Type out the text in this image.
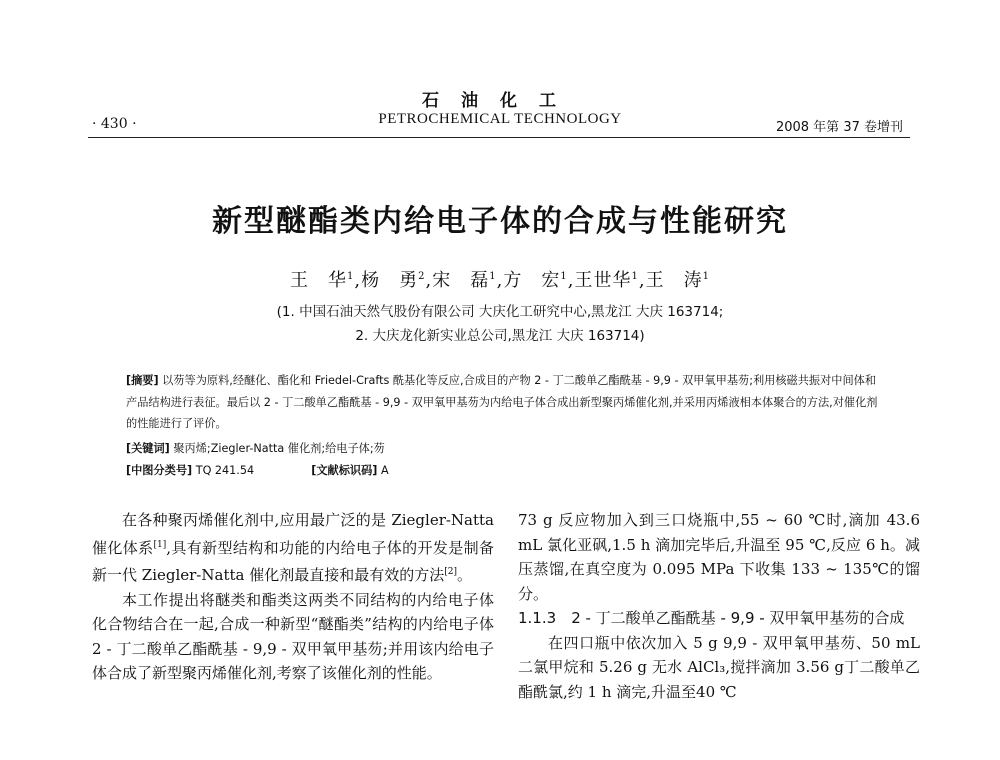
石油化工
· 430 ·	PETROCHEMICAL TECHNOLOGY
2008 年第 37 卷增刊
新型醚酯类内给电子体的合成与性能研究
王　华$^1$,杨　勇$^2$,宋　磊$^1$,方　宏$^1$,王世华$^1$,王　涛$^1$
(1. 中国石油天然气股份有限公司 大庆化工研究中心,黑龙江 大庆 163714;
2. 大庆龙化新实业总公司,黑龙江 大庆 163714)
[摘要] 以芴等为原料,经醚化、酯化和 Friedel-Crafts 酰基化等反应,合成目的产物 2 - 丁二酸单乙酯酰基 - 9,9 - 双甲氧甲基芴;利用核磁共振对中间体和产品结构进行表征。最后以 2 - 丁二酸单乙酯酰基 - 9,9 - 双甲氧甲基芴为内给电子体合成出新型聚丙烯催化剂,并采用丙烯液相本体聚合的方法,对催化剂的性能进行了评价。
[关键词] 聚丙烯;Ziegler-Natta 催化剂;给电子体;芴
[中图分类号] TQ 241.54	[文献标识码] A

在各种聚丙烯催化剂中,应用最广泛的是 Ziegler-Natta 催化体系[1],具有新型结构和功能的内给电子体的开发是制备新一代 Ziegler-Natta 催化剂最直接和最有效的方法[2]。

本工作提出将醚类和酯类这两类不同结构的内给电子体化合物结合在一起,合成一种新型“醚酯类”结构的内给电子体 2 - 丁二酸单乙酯酰基 - 9,9 - 双甲氧甲基芴;并用该内给电子体合成了新型聚丙烯催化剂,考察了该催化剂的性能。

73 g 反应物加入到三口烧瓶中,55 ~ 60 ℃时,滴加 43.6 mL 氯化亚砜,1.5 h 滴加完毕后,升温至 95 ℃,反应 6 h。减压蒸馏,在真空度为 0.095 MPa 下收集 133 ~ 135℃的馏分。

1.1.3　 2 - 丁二酸单乙酯酰基 - 9,9 - 双甲氧甲基芴的合成

在四口瓶中依次加入 5 g 9,9 - 双甲氧甲基芴、50 mL 二氯甲烷和 5.26 g 无水 AlCl₃,搅拌滴加 3.56 g丁二酸单乙酯酰氯,约 1 h 滴完,升温至40 ℃
